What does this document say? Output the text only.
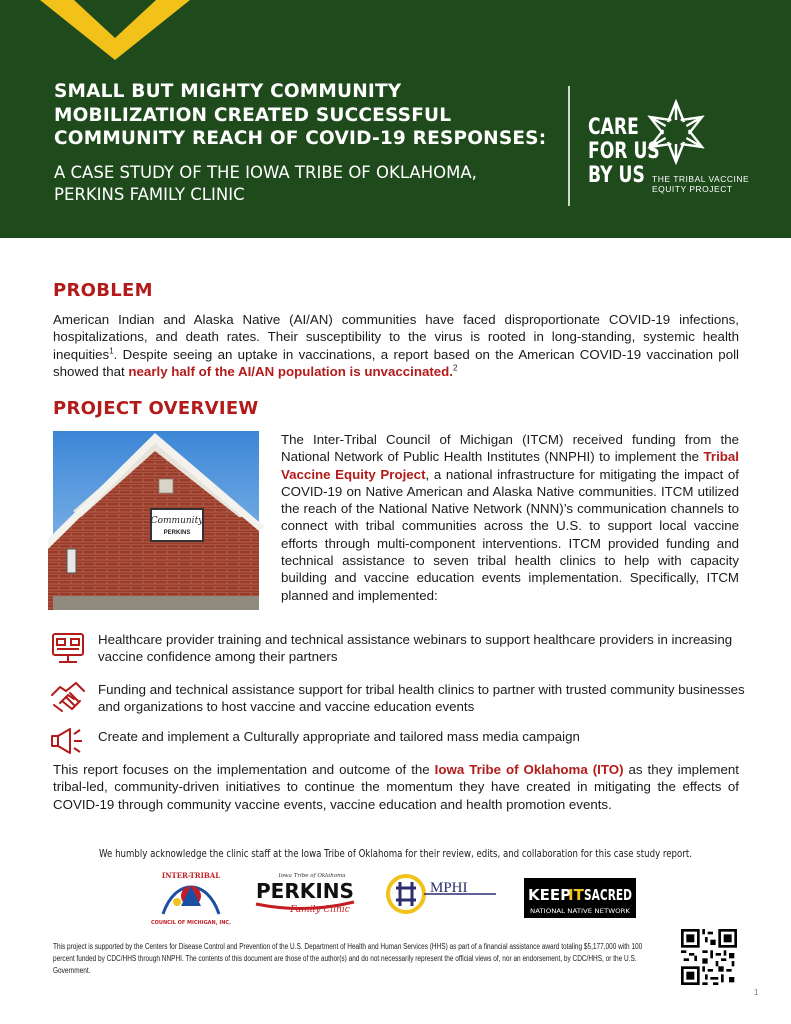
SMALL BUT MIGHTY COMMUNITY
MOBILIZATION CREATED SUCCESSFUL
COMMUNITY REACH OF COVID-19 RESPONSES:
A CASE STUDY OF THE IOWA TRIBE OF OKLAHOMA,
PERKINS FAMILY CLINIC
CARE
FOR US
BY US THE TRIBAL VACCINE
EQUITY PROJECT
PROBLEM

American Indian and Alaska Native (AI/AN) communities have faced disproportionate COVID-19 infections, hospitalizations, and death rates. Their susceptibility to the virus is rooted in long-standing, systemic health inequities$^1$. Despite seeing an uptake in vaccinations, a report based on the American COVID-19 vaccination poll showed that nearly half of the AI/AN population is unvaccinated.$^2$

PROJECT OVERVIEW
Community
PERKINS

The Inter-Tribal Council of Michigan (ITCM) received funding from the National Network of Public Health Institutes (NNPHI) to implement the Tribal Vaccine Equity Project, a national infrastructure for mitigating the impact of COVID-19 on Native American and Alaska Native communities. ITCM utilized the reach of the National Native Network (NNN)’s communication channels to connect with tribal communities across the U.S. to support local vaccine efforts through multi-component interventions. ITCM provided funding and technical assistance to seven tribal health clinics to help with capacity building and vaccine education events implementation. Specifically, ITCM planned and implemented:

Healthcare provider training and technical assistance webinars to support healthcare providers in increasing vaccine confidence among their partners
Funding and technical assistance support for tribal health clinics to partner with trusted community businesses and organizations to host vaccine and vaccine education events
Create and implement a Culturally appropriate and tailored mass media campaign

This report focuses on the implementation and outcome of the Iowa Tribe of Oklahoma (ITO) as they implement tribal-led, community-driven initiatives to continue the momentum they have created in mitigating the effects of COVID-19 through community vaccine events, vaccine education and health promotion events.

We humbly acknowledge the clinic staff at the Iowa Tribe of Oklahoma for their review, edits, and collaboration for this case study report.
INTER-TRIBAL
COUNCIL OF MICHIGAN, INC.
Iowa Tribe of Oklahoma
PERKINS
Family Clinic
MPHI	KEEP
IT SACRED
NATIONAL NATIVE NETWORK
This project is supported by the Centers for Disease Control and Prevention of the U.S. Department of Health and Human Services (HHS) as part of a financial assistance award totaling $5,177,000 with 100 percent funded by CDC/HHS through NNPHI. The contents of this document are those of the author(s) and do not necessarily represent the official views of, nor an endorsement, by CDC/HHS, or the U.S. Government.
1
